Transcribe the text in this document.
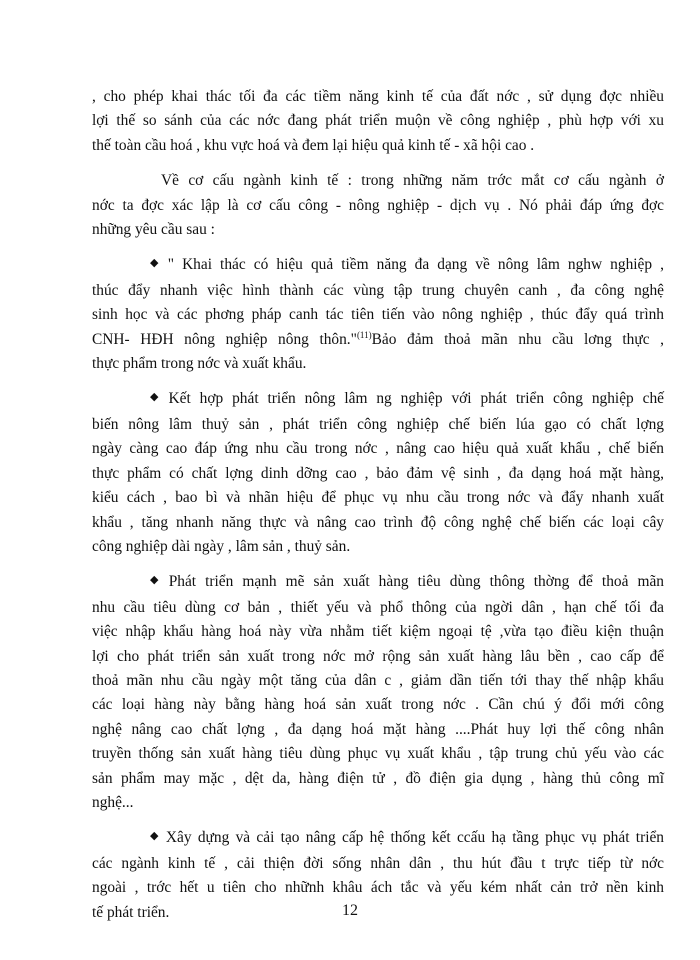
, cho phép khai thác tối đa các tiềm năng kinh tế của đất nớc , sử dụng đợc nhiều
lợi thế so sánh của các nớc đang phát triển muộn về công nghiệp , phù hợp với xu
thế toàn cầu hoá , khu vực hoá và đem lại hiệu quả kinh tế - xã hội cao .
Về cơ cấu ngành kinh tế : trong những năm trớc mắt cơ cấu ngành ở
nớc ta đợc xác lập là cơ cấu công - nông nghiệp - dịch vụ . Nó phải đáp ứng đợc
những yêu cầu sau :
◆ " Khai thác có hiệu quả tiềm năng đa dạng về nông lâm nghw nghiệp ,
thúc đẩy nhanh việc hình thành các vùng tập trung chuyên canh , đa công nghệ
sinh học và các phơng pháp canh tác tiên tiến vào nông nghiệp , thúc đẩy quá trình
CNH- HĐH nông nghiệp nông thôn."$^{(11)}$Bảo đảm thoả mãn nhu cầu lơng thực ,
thực phẩm trong nớc và xuất khẩu.
◆ Kết hợp phát triển nông lâm ng nghiệp với phát triển công nghiệp chế
biến nông lâm thuỷ sản , phát triển công nghiệp chế biến lúa gạo có chất lợng
ngày càng cao đáp ứng nhu cầu trong nớc , nâng cao hiệu quả xuất khẩu , chế biến
thực phẩm có chất lợng dinh dỡng cao , bảo đảm vệ sinh , đa dạng hoá mặt hàng,
kiểu cách , bao bì và nhãn hiệu để phục vụ nhu cầu trong nớc và đẩy nhanh xuất
khẩu , tăng nhanh năng thực và nâng cao trình độ công nghệ chế biến các loại cây
công nghiệp dài ngày , lâm sản , thuỷ sản.
◆ Phát triển mạnh mẽ sản xuất hàng tiêu dùng thông thờng để thoả mãn
nhu cầu tiêu dùng cơ bản , thiết yếu và phổ thông của ngời dân , hạn chế tối đa
việc nhập khẩu hàng hoá này vừa nhằm tiết kiệm ngoại tệ ,vừa tạo điều kiện thuận
lợi cho phát triển sản xuất trong nớc mở rộng sản xuất hàng lâu bền , cao cấp để
thoả mãn nhu cầu ngày một tăng của dân c , giảm dần tiến tới thay thế nhập khẩu
các loại hàng này bằng hàng hoá sản xuất trong nớc . Cần chú ý đổi mới công
nghệ nâng cao chất lợng , đa dạng hoá mặt hàng ....Phát huy lợi thế công nhân
truyền thống sản xuất hàng tiêu dùng phục vụ xuất khẩu , tập trung chủ yếu vào các
sản phẩm may mặc , dệt da, hàng điện tử , đồ điện gia dụng , hàng thủ công mĩ
nghệ...
◆ Xây dựng và cải tạo nâng cấp hệ thống kết ccấu hạ tầng phục vụ phát triển
các ngành kinh tế , cải thiện đời sống nhân dân , thu hút đầu t trực tiếp từ nớc
ngoài , trớc hết u tiên cho nhữnh khâu ách tắc và yếu kém nhất cản trở nền kinh
tế phát triển.	12
